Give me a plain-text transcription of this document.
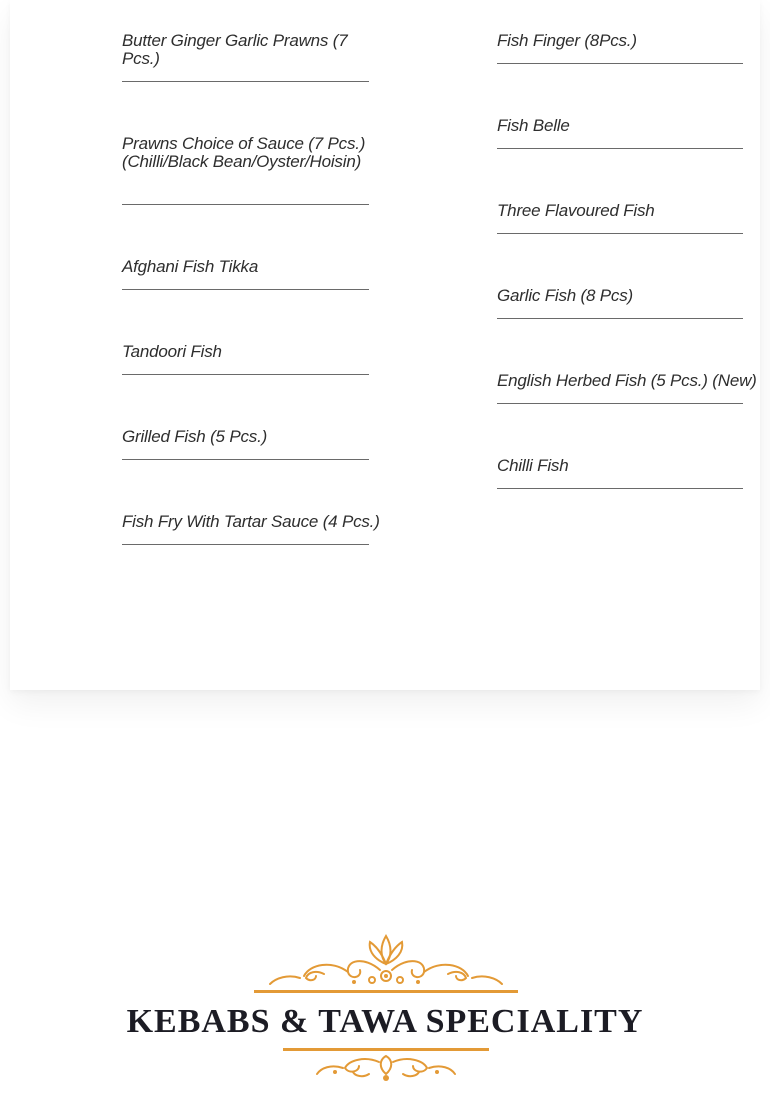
Butter Ginger Garlic Prawns (7 Pcs.)
Prawns Choice of Sauce (7 Pcs.) (Chilli/Black Bean/Oyster/Hoisin)
Afghani Fish Tikka
Tandoori Fish
Grilled Fish (5 Pcs.)
Fish Fry With Tartar Sauce (4 Pcs.)
Fish Finger (8Pcs.)
Fish Belle
Three Flavoured Fish
Garlic Fish (8 Pcs)
English Herbed Fish (5 Pcs.) (New)
Chilli Fish
KEBABS & TAWA SPECIALITY
